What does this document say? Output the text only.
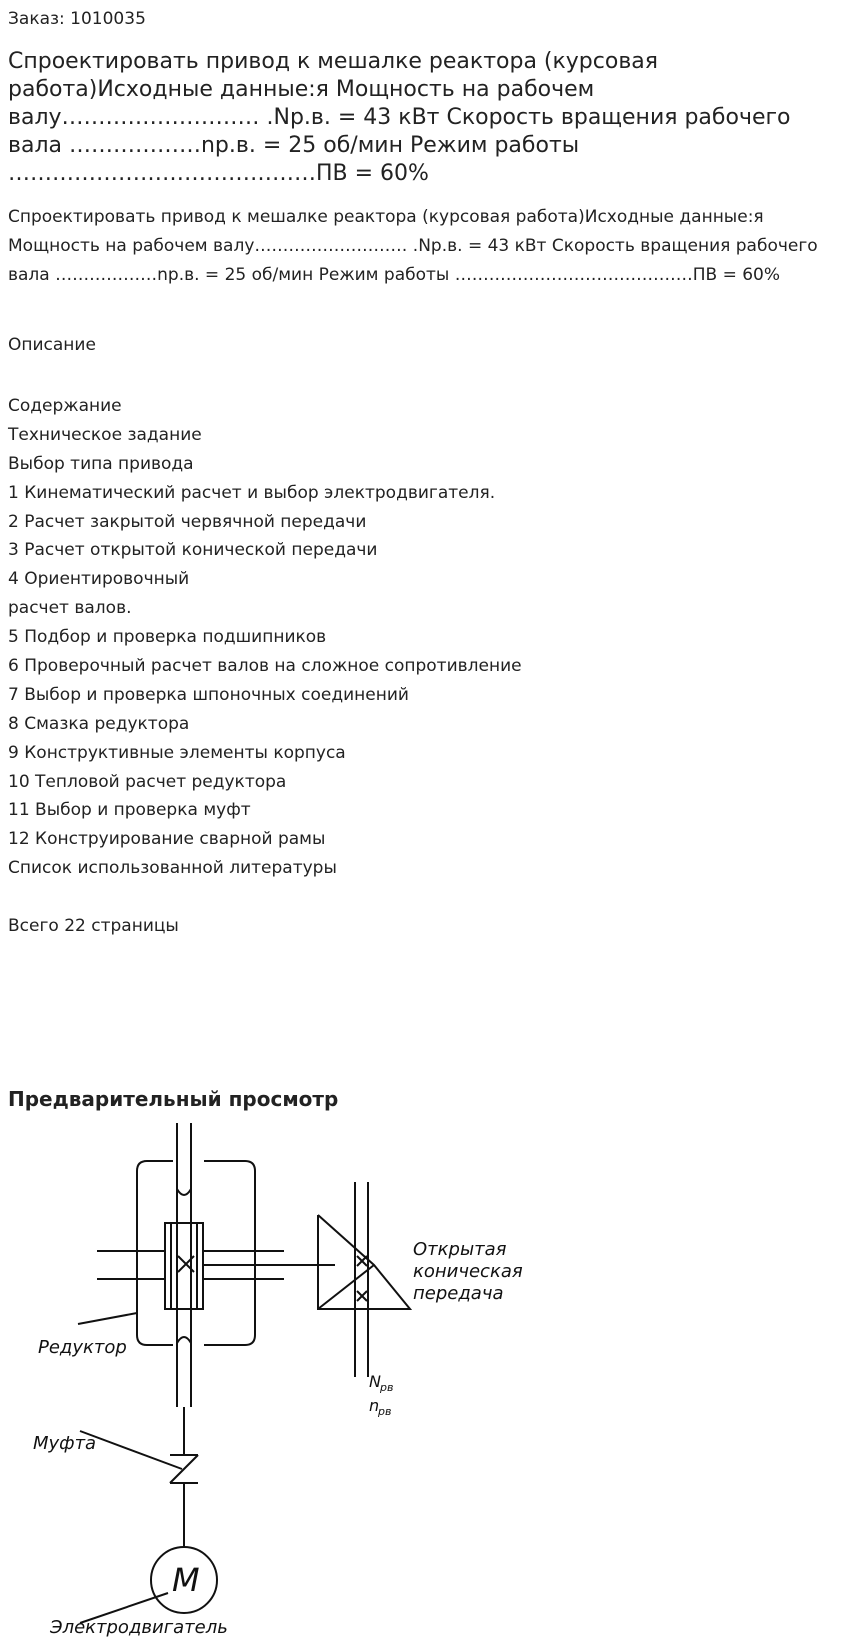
Заказ: 1010035
Спроектировать привод к мешалке реактора (курсовая работа)Исходные данные:я Мощность на рабочем валу……………………… .Nр.в. = 43 кВт Скорость вращения рабочего вала ………………nр.в. = 25 об/мин Режим работы ……………………………………ПВ = 60%
Спроектировать привод к мешалке реактора (курсовая работа)Исходные данные:я Мощность на рабочем валу……………………… .Nр.в. = 43 кВт Скорость вращения рабочего вала ………………nр.в. = 25 об/мин Режим работы ……………………………………ПВ = 60%
Описание
Содержание
Техническое задание
Выбор типа привода
1 Кинематический расчет и выбор электродвигателя.
2 Расчет закрытой червячной передачи
3 Расчет открытой конической передачи
4 Ориентировочный
расчет валов.
5 Подбор и проверка подшипников
6 Проверочный расчет валов на сложное сопротивление
7 Выбор и проверка шпоночных соединений
8 Смазка редуктора
9 Конструктивные элементы корпуса
10 Тепловой расчет редуктора
11 Выбор и проверка муфт
12 Конструирование сварной рамы
Список использованной литературы
Всего 22 страницы
Предварительный просмотр
Открытая
коническая
передача
Редуктор
Муфта
Электродвигатель
М
N рв
n
рв
